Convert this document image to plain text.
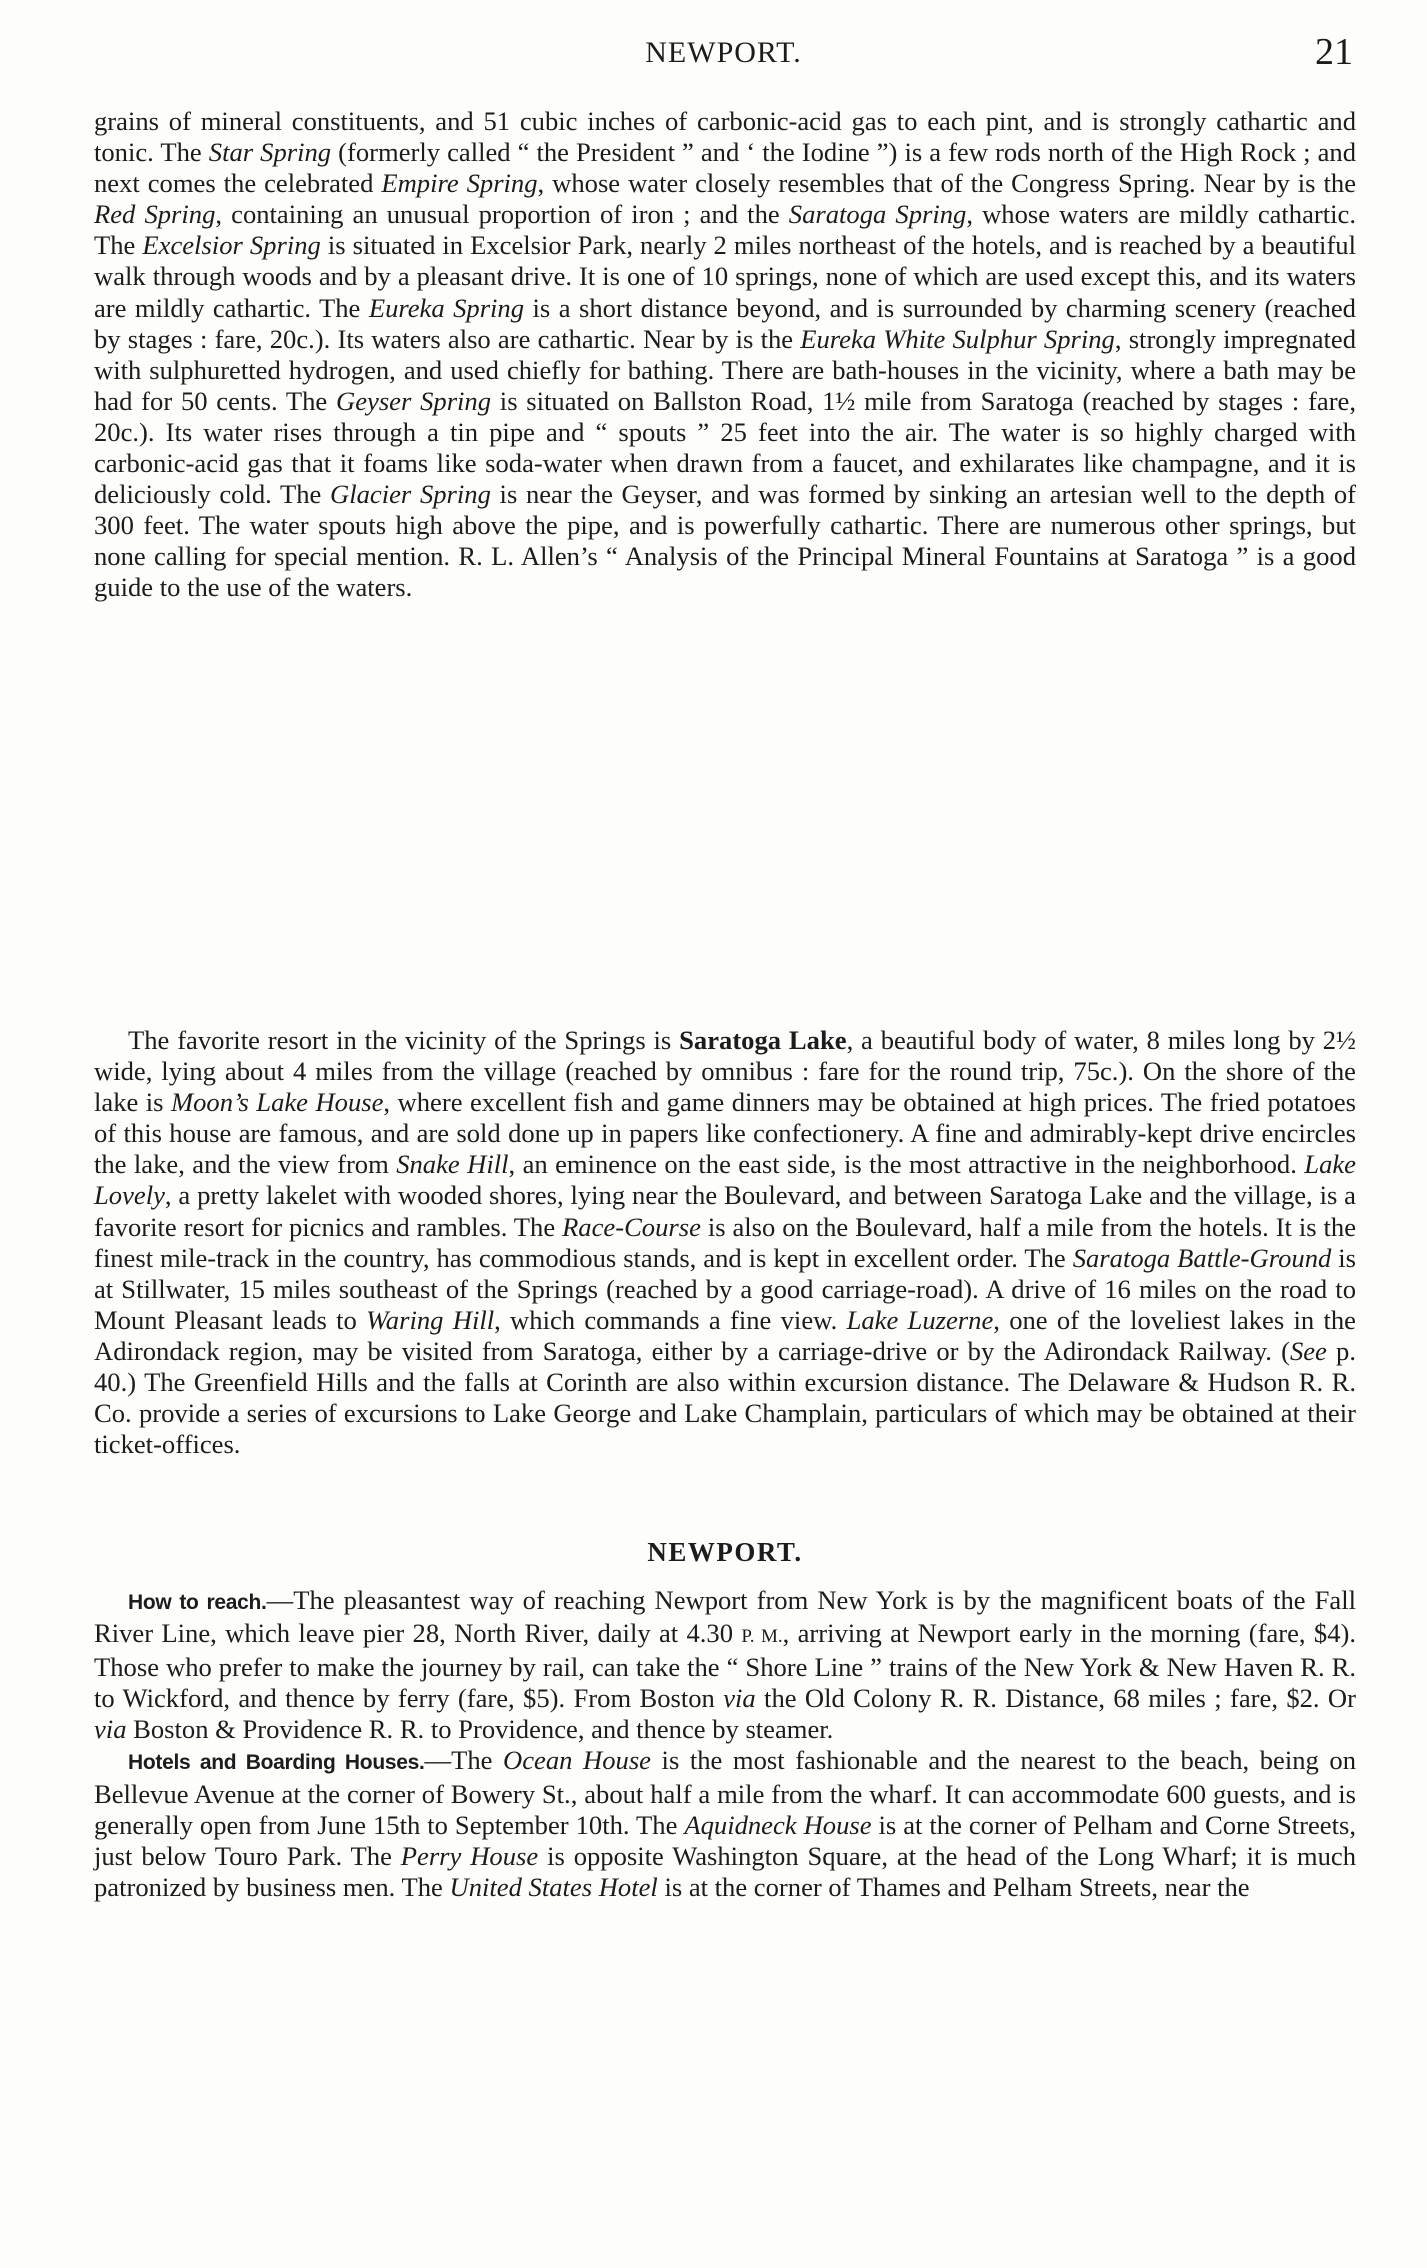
NEWPORT.	21

grains of mineral constituents, and 51 cubic inches of carbonic-acid gas to each pint, and is strongly cathartic and tonic. The Star Spring (formerly called “ the President ” and ‘ the Iodine ”) is a few rods north of the High Rock ; and next comes the celebrated Empire Spring, whose water closely resembles that of the Congress Spring. Near by is the Red Spring, containing an unusual proportion of iron ; and the Saratoga Spring, whose waters are mildly cathartic. The Excelsior Spring is situated in Excelsior Park, nearly 2 miles northeast of the hotels, and is reached by a beautiful walk through woods and by a pleasant drive. It is one of 10 springs, none of which are used except this, and its waters are mildly cathartic. The Eureka Spring is a short distance beyond, and is surrounded by charming scenery (reached by stages : fare, 20c.). Its waters also are cathartic. Near by is the Eureka White Sulphur Spring, strongly impregnated with sulphuretted hydrogen, and used chiefly for bathing. There are bath-houses in the vicinity, where a bath may be had for 50 cents. The Geyser Spring is situated on Ballston Road, 1½ mile from Saratoga (reached by stages : fare, 20c.). Its water rises through a tin pipe and “ spouts ” 25 feet into the air. The water is so highly charged with carbonic-acid gas that it foams like soda-water when drawn from a faucet, and exhilarates like champagne, and it is deliciously cold. The Glacier Spring is near the Geyser, and was formed by sinking an artesian well to the depth of 300 feet. The water spouts high above the pipe, and is powerfully cathartic. There are numerous other springs, but none calling for special mention. R. L. Allen’s “ Analysis of the Principal Mineral Fountains at Saratoga ” is a good guide to the use of the waters.

The favorite resort in the vicinity of the Springs is Saratoga Lake, a beautiful body of water, 8 miles long by 2½ wide, lying about 4 miles from the village (reached by omnibus : fare for the round trip, 75c.). On the shore of the lake is Moon’s Lake House, where excellent fish and game dinners may be obtained at high prices. The fried potatoes of this house are famous, and are sold done up in papers like confectionery. A fine and admirably-kept drive encircles the lake, and the view from Snake Hill, an eminence on the east side, is the most attractive in the neighborhood. Lake Lovely, a pretty lakelet with wooded shores, lying near the Boulevard, and between Saratoga Lake and the village, is a favorite resort for picnics and rambles. The Race-Course is also on the Boulevard, half a mile from the hotels. It is the finest mile-track in the country, has commodious stands, and is kept in excellent order. The Saratoga Battle-Ground is at Stillwater, 15 miles southeast of the Springs (reached by a good carriage-road). A drive of 16 miles on the road to Mount Pleasant leads to Waring Hill, which commands a fine view. Lake Luzerne, one of the loveliest lakes in the Adirondack region, may be visited from Saratoga, either by a carriage-drive or by the Adirondack Railway. (See p. 40.) The Greenfield Hills and the falls at Corinth are also within excursion distance. The Delaware & Hudson R. R. Co. provide a series of excursions to Lake George and Lake Champlain, particulars of which may be obtained at their ticket-offices.

NEWPORT.

How to reach.—The pleasantest way of reaching Newport from New York is by the magnificent boats of the Fall River Line, which leave pier 28, North River, daily at 4.30 P. M., arriving at Newport early in the morning (fare, $4). Those who prefer to make the journey by rail, can take the “ Shore Line ” trains of the New York & New Haven R. R. to Wickford, and thence by ferry (fare, $5). From Boston via the Old Colony R. R. Distance, 68 miles ; fare, $2. Or via Boston & Providence R. R. to Providence, and thence by steamer.

Hotels and Boarding Houses.—The Ocean House is the most fashionable and the nearest to the beach, being on Bellevue Avenue at the corner of Bowery St., about half a mile from the wharf. It can accommodate 600 guests, and is generally open from June 15th to September 10th. The Aquidneck House is at the corner of Pelham and Corne Streets, just below Touro Park. The Perry House is opposite Washington Square, at the head of the Long Wharf; it is much patronized by business men. The United States Hotel is at the corner of Thames and Pelham Streets, near the
